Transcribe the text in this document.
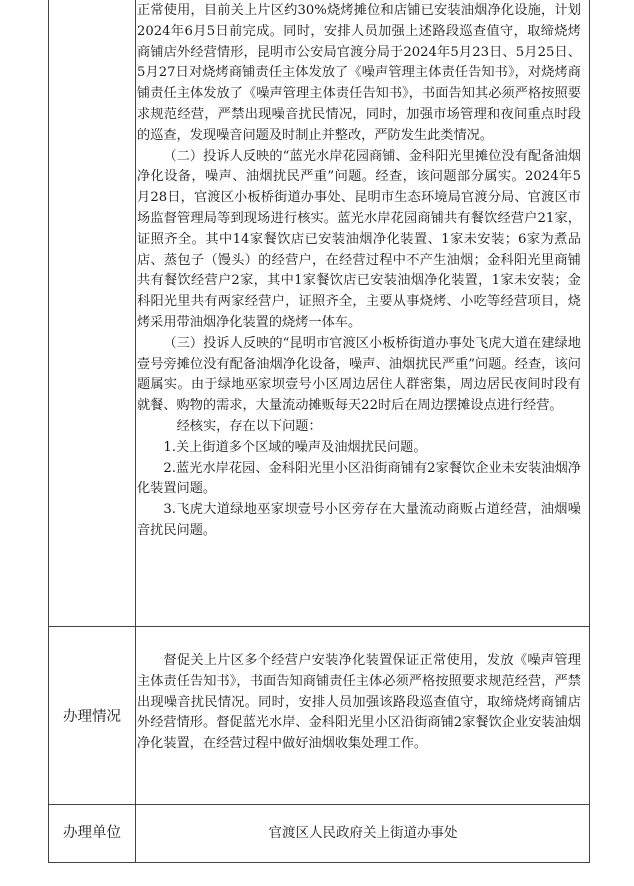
正常使用，目前关上片区约30%烧烤摊位和店铺已安装油烟净化设施，计划2024年6月5日前完成。同时，安排人员加强上述路段巡查值守，取缔烧烤商铺店外经营情形，昆明市公安局官渡分局于2024年5月23日、5月25日、5月27日对烧烤商铺责任主体发放了《噪声管理主体责任告知书》，对烧烤商铺责任主体发放了《噪声管理主体责任告知书》，书面告知其必须严格按照要求规范经营，严禁出现噪音扰民情况，同时，加强市场管理和夜间重点时段的巡查，发现噪音问题及时制止并整改，严防发生此类情况。

（二）投诉人反映的“蓝光水岸花园商铺、金科阳光里摊位没有配备油烟净化设备，噪声、油烟扰民严重”问题。经查，该问题部分属实。2024年5月28日，官渡区小板桥街道办事处、昆明市生态环境局官渡分局、官渡区市场监督管理局等到现场进行核实。蓝光水岸花园商铺共有餐饮经营户21家，证照齐全。其中14家餐饮店已安装油烟净化装置、1家未安装；6家为煮品店、蒸包子（馒头）的经营户，在经营过程中不产生油烟；金科阳光里商铺共有餐饮经营户2家，其中1家餐饮店已安装油烟净化装置，1家未安装；金科阳光里共有两家经营户，证照齐全，主要从事烧烤、小吃等经营项目，烧烤采用带油烟净化装置的烧烤一体车。

（三）投诉人反映的“昆明市官渡区小板桥街道办事处飞虎大道在建绿地壹号旁摊位没有配备油烟净化设备，噪声、油烟扰民严重”问题。经查，该问题属实。由于绿地巫家坝壹号小区周边居住人群密集，周边居民夜间时段有就餐、购物的需求，大量流动摊贩每天22时后在周边摆摊设点进行经营。

经核实，存在以下问题：

1.关上街道多个区域的噪声及油烟扰民问题。

2.蓝光水岸花园、金科阳光里小区沿街商铺有2家餐饮企业未安装油烟净化装置问题。

3.飞虎大道绿地巫家坝壹号小区旁存在大量流动商贩占道经营，油烟噪音扰民问题。

办理情况

督促关上片区多个经营户安装净化装置保证正常使用，发放《噪声管理主体责任告知书》，书面告知商铺责任主体必须严格按照要求规范经营，严禁出现噪音扰民情况。同时，安排人员加强该路段巡查值守，取缔烧烤商铺店外经营情形。督促蓝光水岸、金科阳光里小区沿街商铺2家餐饮企业安装油烟净化装置，在经营过程中做好油烟收集处理工作。

办理单位	官渡区人民政府关上街道办事处
